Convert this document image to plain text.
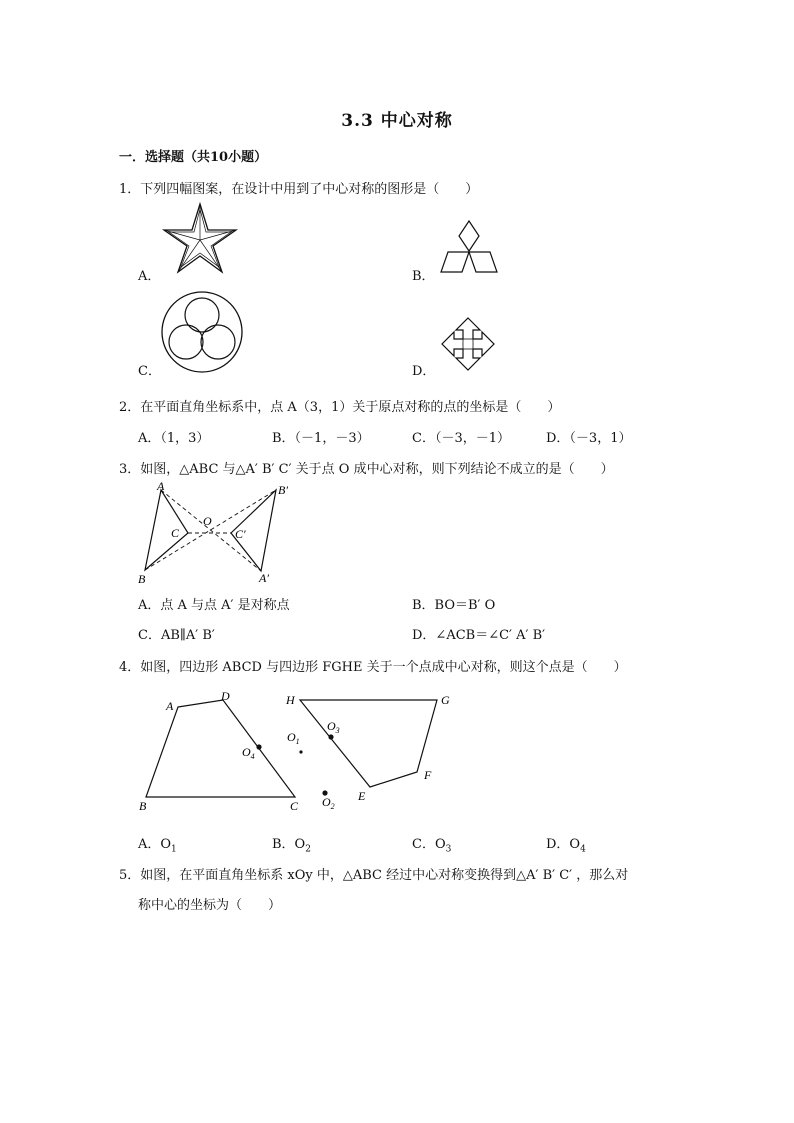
3.3 中心对称
一．选择题（共10小题）
1．下列四幅图案，在设计中用到了中心对称的图形是（　　）
A．	B．
C．	D．
2．在平面直角坐标系中，点 A（3，1）关于原点对称的点的坐标是（　　）
A．（1，3）	B．（－1，－3）	C．（－3，－1）	D．（－3，1）
3．如图，△ABC 与△A′ B′ C′ 关于点 O 成中心对称，则下列结论不成立的是（　　）
A
B
C
O
C′
B′
A′
A．点 A 与点 A′ 是对称点	B．BO＝B′ O
C．AB∥A′ B′	D．∠ACB＝∠C′ A′ B′
4．如图，四边形 ABCD 与四边形 FGHE 关于一个点成中心对称，则这个点是（　　）
A
D
B	C
$O_4$
$O_1$
$O_3$
$O_2$
H	G
F
E
A．$O_1$	B．$O_2$	C．$O_3$	D．$O_4$
5．如图，在平面直角坐标系 xOy 中，△ABC 经过中心对称变换得到△A′ B′ C′ ，那么对
称中心的坐标为（　　）
